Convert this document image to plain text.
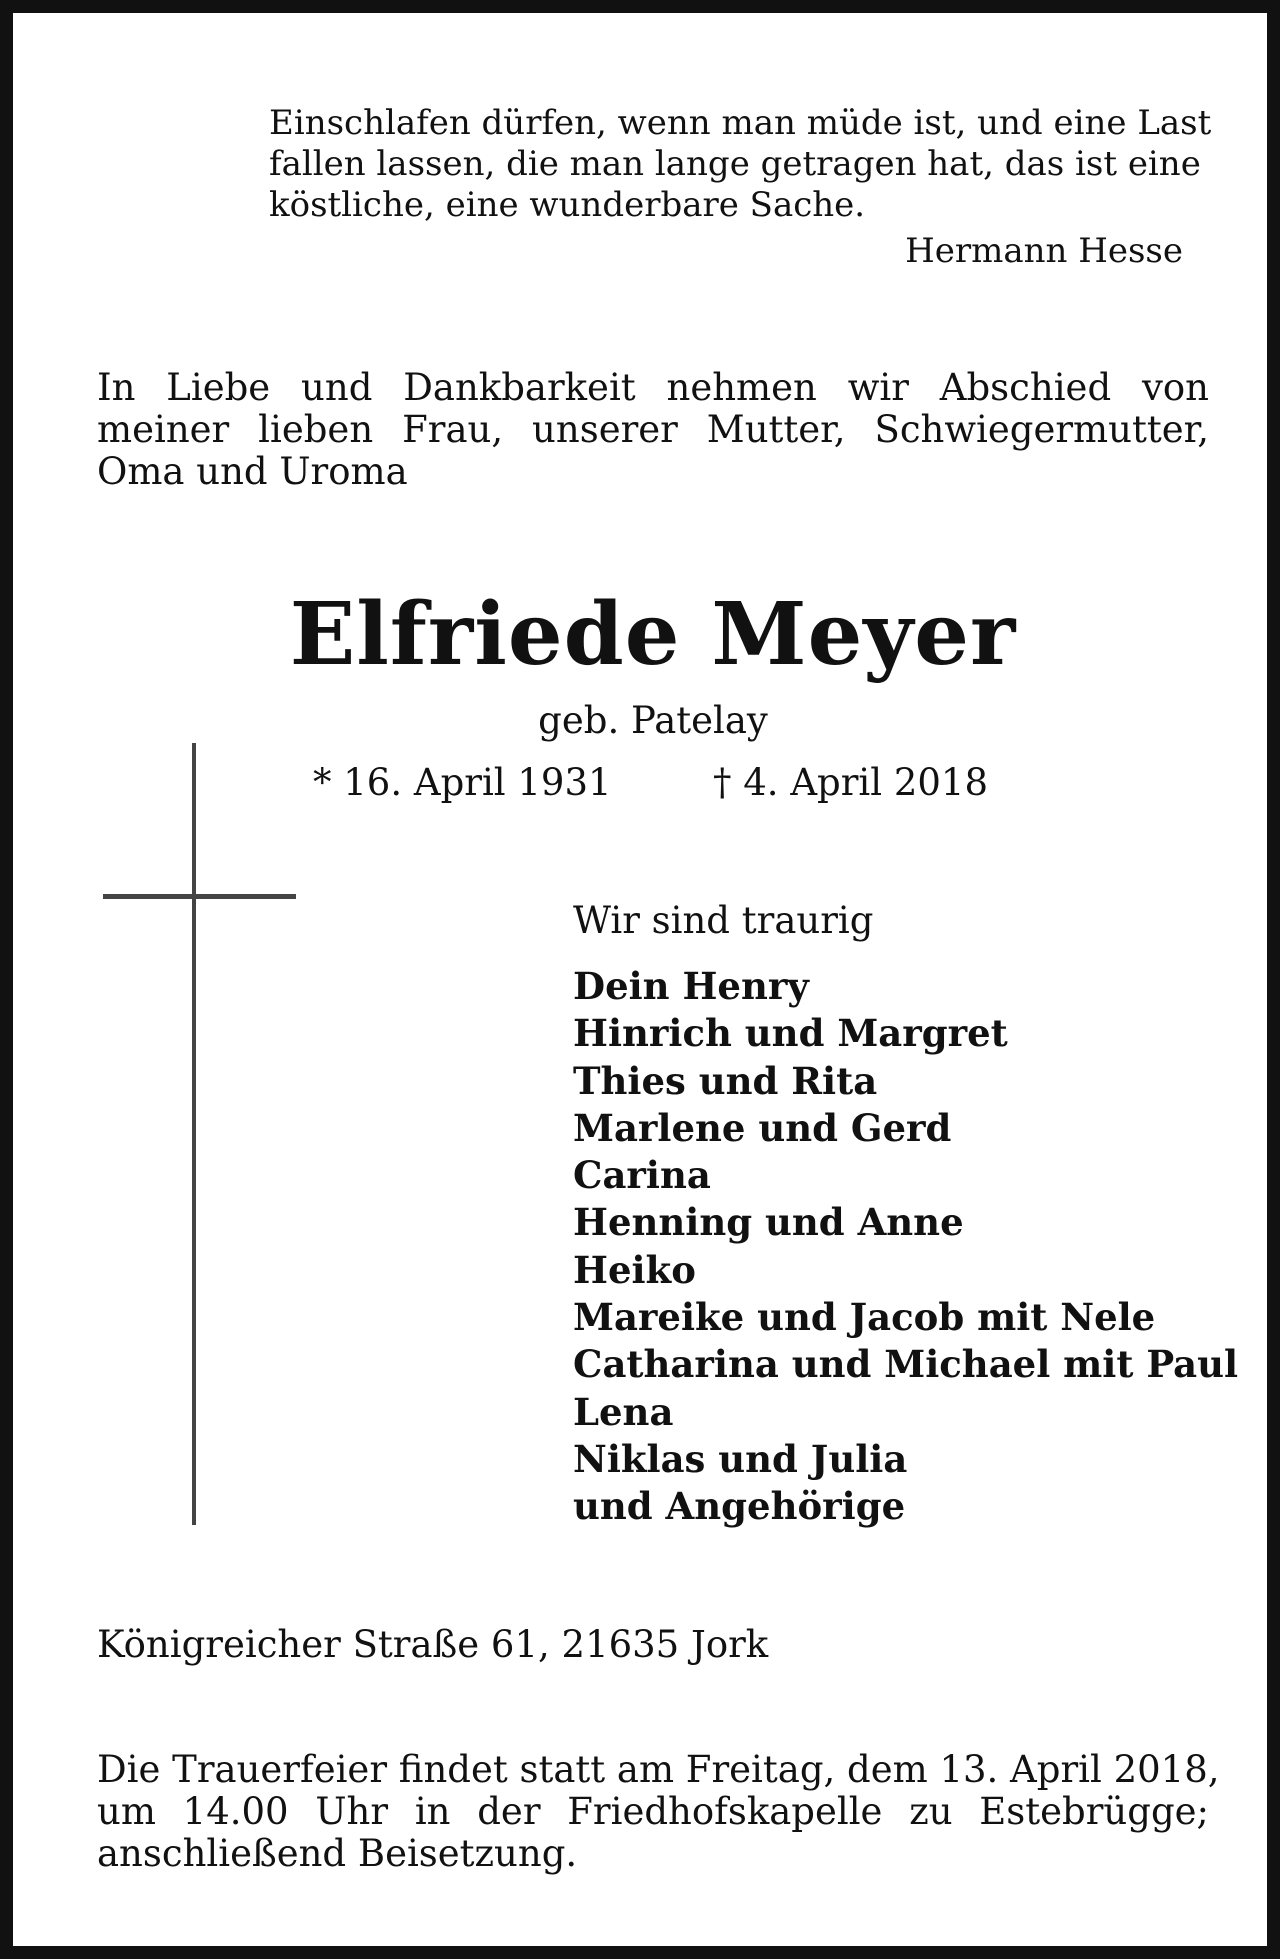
Einschlafen dürfen, wenn man müde ist, und eine Last
fallen lassen, die man lange getragen hat, das ist eine
köstliche, eine wunderbare Sache.
Hermann Hesse
In Liebe und Dankbarkeit nehmen wir Abschied von
meiner lieben Frau, unserer Mutter, Schwiegermutter,
Oma und Uroma
Elfriede Meyer
geb. Patelay
* 16. April 1931	† 4. April 2018
Wir sind traurig
Dein Henry
Hinrich und Margret
Thies und Rita
Marlene und Gerd
Carina
Henning und Anne
Heiko
Mareike und Jacob mit Nele
Catharina und Michael mit Paul
Lena
Niklas und Julia
und Angehörige
Königreicher Straße 61, 21635 Jork
Die Trauerfeier findet statt am Freitag, dem 13. April 2018,
um 14.00 Uhr in der Friedhofskapelle zu Estebrügge;
anschließend Beisetzung.
